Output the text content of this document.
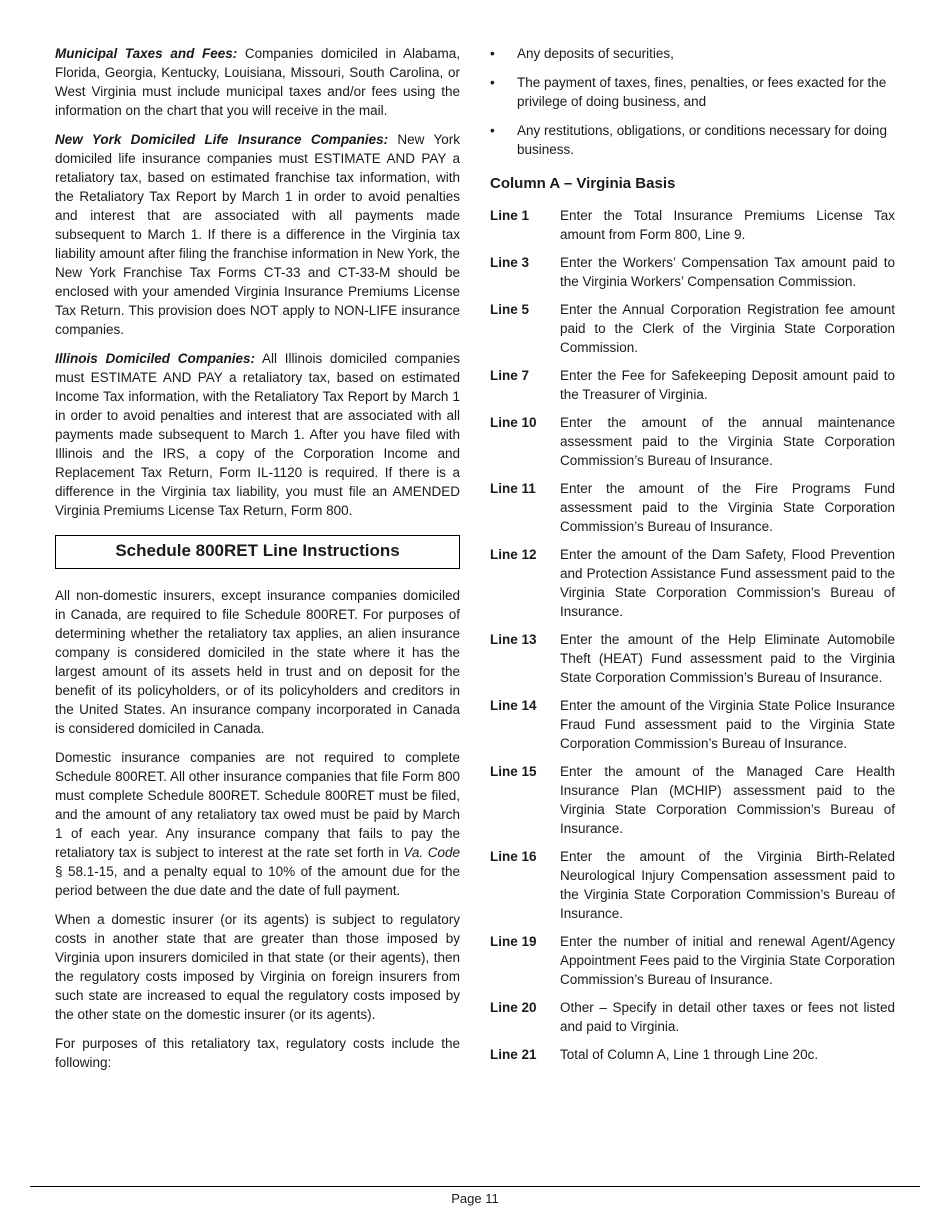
Municipal Taxes and Fees: Companies domiciled in Alabama, Florida, Georgia, Kentucky, Louisiana, Missouri, South Carolina, or West Virginia must include municipal taxes and/or fees using the information on the chart that you will receive in the mail.

New York Domiciled Life Insurance Companies: New York domiciled life insurance companies must ESTIMATE AND PAY a retaliatory tax, based on estimated franchise tax information, with the Retaliatory Tax Report by March 1 in order to avoid penalties and interest that are associated with all payments made subsequent to March 1. If there is a difference in the Virginia tax liability amount after filing the franchise information in New York, the New York Franchise Tax Forms CT-33 and CT-33-M should be enclosed with your amended Virginia Insurance Premiums License Tax Return. This provision does NOT apply to NON-LIFE insurance companies.

Illinois Domiciled Companies: All Illinois domiciled companies must ESTIMATE AND PAY a retaliatory tax, based on estimated Income Tax information, with the Retaliatory Tax Report by March 1 in order to avoid penalties and interest that are associated with all payments made subsequent to March 1. After you have filed with Illinois and the IRS, a copy of the Corporation Income and Replacement Tax Return, Form IL-1120 is required. If there is a difference in the Virginia tax liability, you must file an AMENDED Virginia Premiums License Tax Return, Form 800.

Schedule 800RET Line Instructions

All non-domestic insurers, except insurance companies domiciled in Canada, are required to file Schedule 800RET. For purposes of determining whether the retaliatory tax applies, an alien insurance company is considered domiciled in the state where it has the largest amount of its assets held in trust and on deposit for the benefit of its policyholders, or of its policyholders and creditors in the United States. An insurance company incorporated in Canada is considered domiciled in Canada.

Domestic insurance companies are not required to complete Schedule 800RET. All other insurance companies that file Form 800 must complete Schedule 800RET. Schedule 800RET must be filed, and the amount of any retaliatory tax owed must be paid by March 1 of each year. Any insurance company that fails to pay the retaliatory tax is subject to interest at the rate set forth in Va. Code § 58.1-15, and a penalty equal to 10% of the amount due for the period between the due date and the date of full payment.

When a domestic insurer (or its agents) is subject to regulatory costs in another state that are greater than those imposed by Virginia upon insurers domiciled in that state (or their agents), then the regulatory costs imposed by Virginia on foreign insurers from such state are increased to equal the regulatory costs imposed by the other state on the domestic insurer (or its agents).

For purposes of this retaliatory tax, regulatory costs include the following:

•	Any deposits of securities,
•	The payment of taxes, fines, penalties, or fees exacted for the privilege of doing business, and
•	Any restitutions, obligations, or conditions necessary for doing business.
Column A – Virginia Basis
Line 1	Enter the Total Insurance Premiums License Tax amount from Form 800, Line 9.
Line 3	Enter the Workers’ Compensation Tax amount paid to the Virginia Workers’ Compensation Commission.
Line 5	Enter the Annual Corporation Registration fee amount paid to the Clerk of the Virginia State Corporation Commission.
Line 7	Enter the Fee for Safekeeping Deposit amount paid to the Treasurer of Virginia.
Line 10	Enter the amount of the annual maintenance assessment paid to the Virginia State Corporation Commission’s Bureau of Insurance.
Line 11	Enter the amount of the Fire Programs Fund assessment paid to the Virginia State Corporation Commission’s Bureau of Insurance.
Line 12	Enter the amount of the Dam Safety, Flood Prevention and Protection Assistance Fund assessment paid to the Virginia State Corporation Commission’s Bureau of Insurance.
Line 13	Enter the amount of the Help Eliminate Automobile Theft (HEAT) Fund assessment paid to the Virginia State Corporation Commission’s Bureau of Insurance.
Line 14	Enter the amount of the Virginia State Police Insurance Fraud Fund assessment paid to the Virginia State Corporation Commission’s Bureau of Insurance.
Line 15	Enter the amount of the Managed Care Health Insurance Plan (MCHIP) assessment paid to the Virginia State Corporation Commission’s Bureau of Insurance.
Line 16	Enter the amount of the Virginia Birth-Related Neurological Injury Compensation assessment paid to the Virginia State Corporation Commission’s Bureau of Insurance.
Line 19	Enter the number of initial and renewal Agent/Agency Appointment Fees paid to the Virginia State Corporation Commission’s Bureau of Insurance.
Line 20	Other – Specify in detail other taxes or fees not listed and paid to Virginia.
Line 21	Total of Column A, Line 1 through Line 20c.
Page 11
